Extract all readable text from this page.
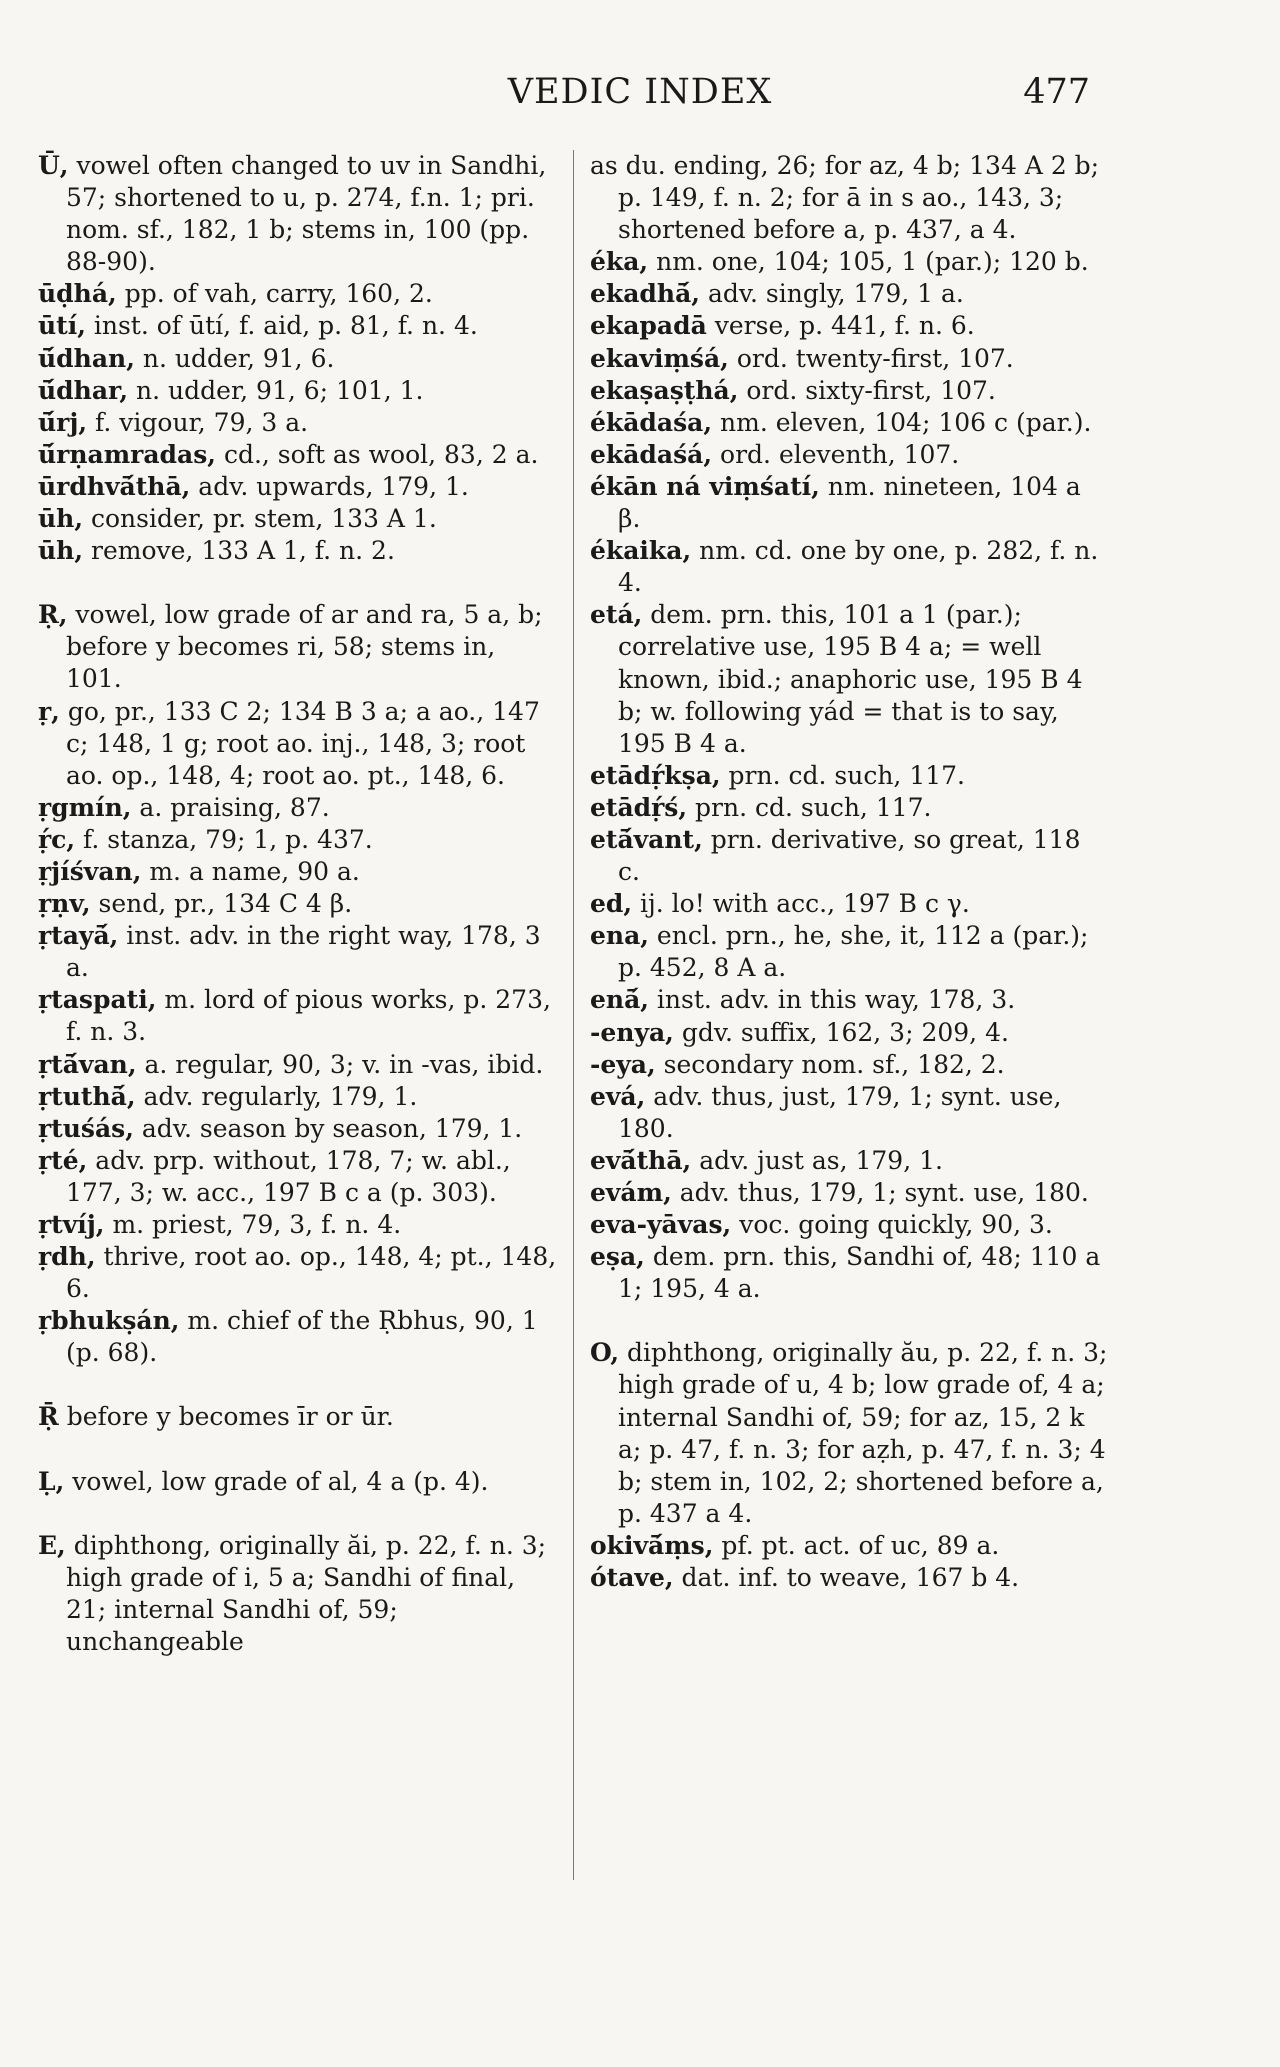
VEDIC INDEX	477

Ū, vowel often changed to uv in Sandhi, 57; shortened to u, p. 274, f.n. 1; pri. nom. sf., 182, 1 b; stems in, 100 (pp. 88-90).

ūḍhá, pp. of vah, carry, 160, 2.

ūtí, inst. of ūtí, f. aid, p. 81, f. n. 4.

ū́dhan, n. udder, 91, 6.

ū́dhar, n. udder, 91, 6; 101, 1.

ū́rj, f. vigour, 79, 3 a.

ū́rṇamradas, cd., soft as wool, 83, 2 a.

ūrdhvā́thā, adv. upwards, 179, 1.

ūh, consider, pr. stem, 133 A 1.

ūh, remove, 133 A 1, f. n. 2.

Ṛ, vowel, low grade of ar and ra, 5 a, b; before y becomes ri, 58; stems in, 101.

ṛ, go, pr., 133 C 2; 134 B 3 a; a ao., 147 c; 148, 1 g; root ao. inj., 148, 3; root ao. op., 148, 4; root ao. pt., 148, 6.

ṛgmín, a. praising, 87.

ṛ́c, f. stanza, 79; 1, p. 437.

ṛjíśvan, m. a name, 90 a.

ṛṇv, send, pr., 134 C 4 β.

ṛtayā́, inst. adv. in the right way, 178, 3 a.

ṛtaspati, m. lord of pious works, p. 273, f. n. 3.

ṛtā́van, a. regular, 90, 3; v. in -vas, ibid.

ṛtuthā́, adv. regularly, 179, 1.

ṛtuśás, adv. season by season, 179, 1.

ṛté, adv. prp. without, 178, 7; w. abl., 177, 3; w. acc., 197 B c a (p. 303).

ṛtvíj, m. priest, 79, 3, f. n. 4.

ṛdh, thrive, root ao. op., 148, 4; pt., 148, 6.

ṛbhukṣán, m. chief of the Ṛbhus, 90, 1 (p. 68).

Ṝ before y becomes īr or ūr.

Ḷ, vowel, low grade of al, 4 a (p. 4).

E, diphthong, originally ăi, p. 22, f. n. 3; high grade of i, 5 a; Sandhi of final, 21; internal Sandhi of, 59; unchangeable

as du. ending, 26; for az, 4 b; 134 A 2 b; p. 149, f. n. 2; for ā in s ao., 143, 3; shortened before a, p. 437, a 4.

éka, nm. one, 104; 105, 1 (par.); 120 b.

ekadhā́, adv. singly, 179, 1 a.

ekapadā verse, p. 441, f. n. 6.

ekaviṃśá, ord. twenty-first, 107.

ekaṣaṣṭhá, ord. sixty-first, 107.

ékādaśa, nm. eleven, 104; 106 c (par.).

ekādaśá, ord. eleventh, 107.

ékān ná viṃśatí, nm. nineteen, 104 a β.

ékaika, nm. cd. one by one, p. 282, f. n. 4.

etá, dem. prn. this, 101 a 1 (par.); correlative use, 195 B 4 a; = well known, ibid.; anaphoric use, 195 B 4 b; w. following yád = that is to say, 195 B 4 a.

etādṛ́kṣa, prn. cd. such, 117.

etādṛ́ś, prn. cd. such, 117.

etā́vant, prn. derivative, so great, 118 c.

ed, ij. lo! with acc., 197 B c γ.

ena, encl. prn., he, she, it, 112 a (par.); p. 452, 8 A a.

enā́, inst. adv. in this way, 178, 3.

-enya, gdv. suffix, 162, 3; 209, 4.

-eya, secondary nom. sf., 182, 2.

evá, adv. thus, just, 179, 1; synt. use, 180.

evā́thā, adv. just as, 179, 1.

evám, adv. thus, 179, 1; synt. use, 180.

eva-yāvas, voc. going quickly, 90, 3.

eṣa, dem. prn. this, Sandhi of, 48; 110 a 1; 195, 4 a.

O, diphthong, originally ău, p. 22, f. n. 3; high grade of u, 4 b; low grade of, 4 a; internal Sandhi of, 59; for az, 15, 2 k a; p. 47, f. n. 3; for aẓh, p. 47, f. n. 3; 4 b; stem in, 102, 2; shortened before a, p. 437 a 4.

okivā́ṃs, pf. pt. act. of uc, 89 a.

ótave, dat. inf. to weave, 167 b 4.
